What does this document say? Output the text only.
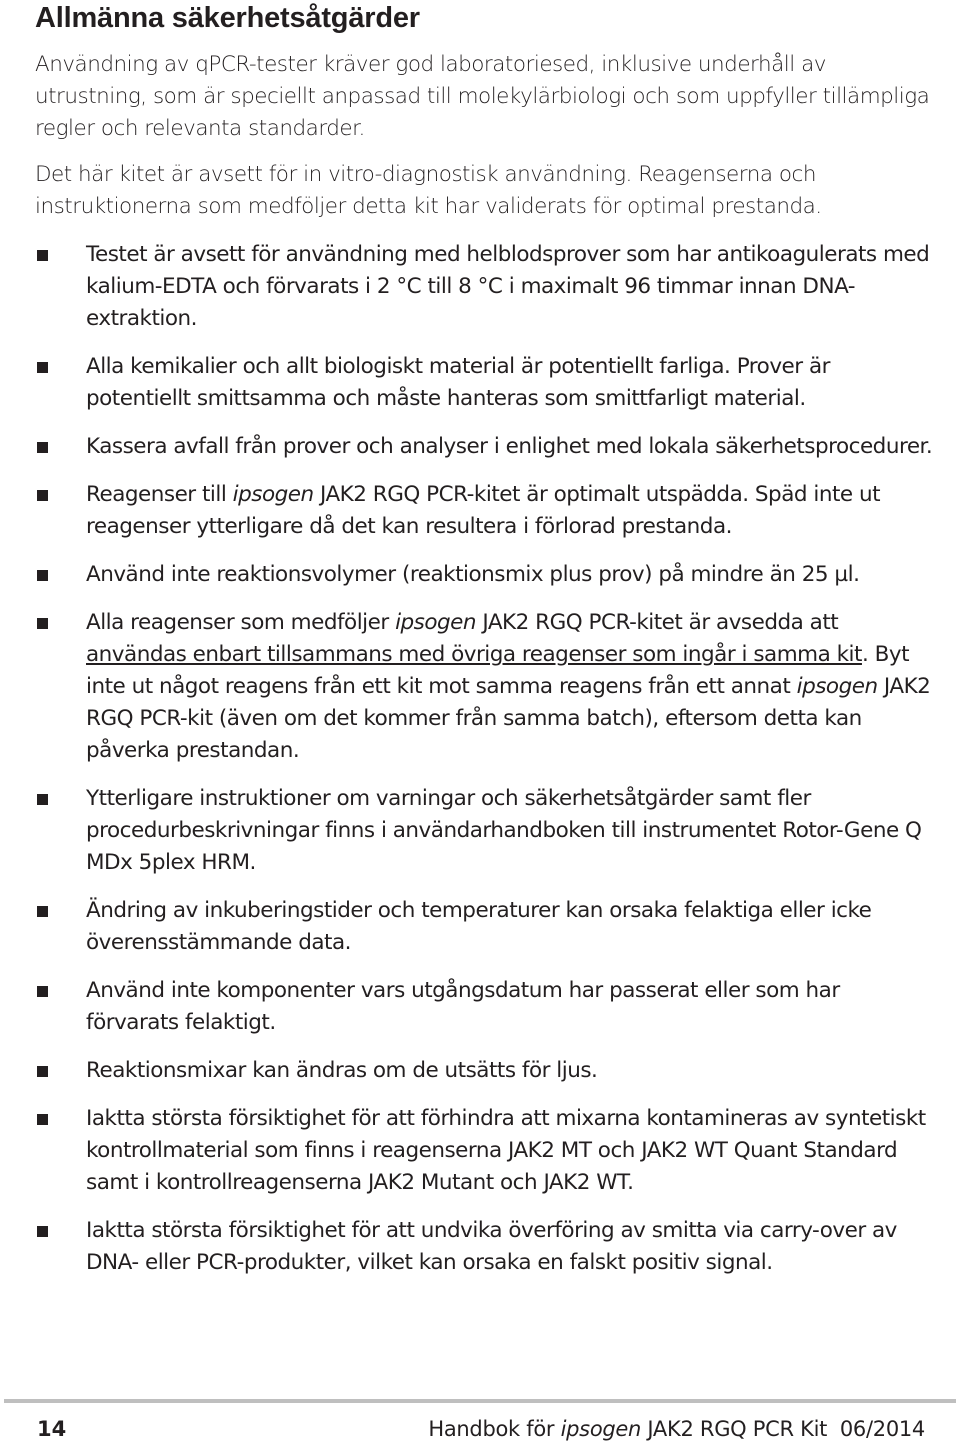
Allmänna säkerhetsåtgärder

Användning av qPCR-tester kräver god laboratoriesed, inklusive underhåll av utrustning, som är speciellt anpassad till molekylärbiologi och som uppfyller tillämpliga regler och relevanta standarder.

Det här kitet är avsett för in vitro-diagnostisk användning. Reagenserna och instruktionerna som medföljer detta kit har validerats för optimal prestanda.

Testet är avsett för användning med helblodsprover som har antikoagulerats med kalium-EDTA och förvarats i 2 °C till 8 °C i maximalt 96 timmar innan DNA-extraktion.
Alla kemikalier och allt biologiskt material är potentiellt farliga. Prover är potentiellt smittsamma och måste hanteras som smittfarligt material.
Kassera avfall från prover och analyser i enlighet med lokala säkerhetsprocedurer.
Reagenser till ipsogen JAK2 RGQ PCR-kitet är optimalt utspädda. Späd inte ut reagenser ytterligare då det kan resultera i förlorad prestanda.
Använd inte reaktionsvolymer (reaktionsmix plus prov) på mindre än 25 µl.
Alla reagenser som medföljer ipsogen JAK2 RGQ PCR-kitet är avsedda att användas enbart tillsammans med övriga reagenser som ingår i samma kit. Byt inte ut något reagens från ett kit mot samma reagens från ett annat ipsogen JAK2 RGQ PCR-kit (även om det kommer från samma batch), eftersom detta kan påverka prestandan.
Ytterligare instruktioner om varningar och säkerhetsåtgärder samt fler procedurbeskrivningar finns i användarhandboken till instrumentet Rotor-Gene Q MDx 5plex HRM.
Ändring av inkuberingstider och temperaturer kan orsaka felaktiga eller icke överensstämmande data.
Använd inte komponenter vars utgångsdatum har passerat eller som har förvarats felaktigt.
Reaktionsmixar kan ändras om de utsätts för ljus.
Iaktta största försiktighet för att förhindra att mixarna kontamineras av syntetiskt kontrollmaterial som finns i reagenserna JAK2 MT och JAK2 WT Quant Standard samt i kontrollreagenserna JAK2 Mutant och JAK2 WT.
Iaktta största försiktighet för att undvika överföring av smitta via carry-over av DNA- eller PCR-produkter, vilket kan orsaka en falskt positiv signal.
14	Handbok för ipsogen JAK2 RGQ PCR Kit  06/2014
